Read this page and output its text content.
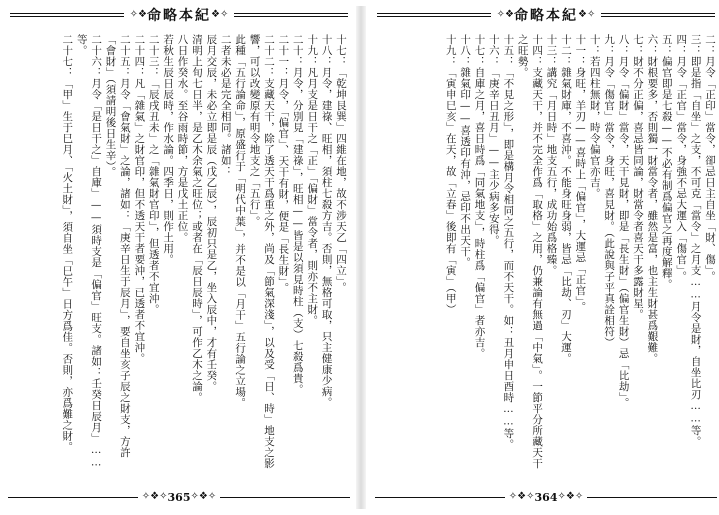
✧❖ 命略本紀 ❖✧

十七：「乾坤艮巽」四維在地，故不涉天乙「四立」。

十八：月令，建祿、旺相，須柱七殺方吉。否則，無格可取，只主健康少病。

十九：凡月支是日干之「正」「偏財」當令者，則亦不主財。

二十：月令，分別見「建祿」，旺相——皆是以須見時柱（支）七殺爲貴。

二十一：月令，「偏官」、天干有財，便是「長生財」。

二十二：支藏天干，除了透天干爲重之外，尚及「節氣深淺」，以及受「日、時」地支之影響，可以改變原有明令地支之「五行」。

此種「五行論命」，原盛行于「明代中葉」，并不是以「月干」五行論之立場。

二者未必是完全相同。諸如：

辰月交辰，未必立即是辰（戊乙辰），辰初只是乙，坐入辰中，才有壬癸。

清明上旬七日半，是乙木余氣之旺位；或者在「辰日辰時」，可作乙木之論。

八日作癸水。至谷雨時節，方是戊土正位。

若秋生辰日辰時，作水論。四季日，則作土用。

二十三：「辰戌丑未」之「雜氣財官印」，但透者不宜沖。

二十四：凡「雜氣」之財官印，但不透天干者要沖，已透者不宜沖。

二十五：月令「會氣財」之論，諸如：「庚辛日生于辰月」，要自坐亥子辰之財支，方許「會財」（須請明後日生辛）。

二十六：月令「是日干之」自庫」——須時支是「偏官」旺支。諸如：壬癸日辰月」……等。

二十七：「甲」生于巳月、「火土財」，須自坐「巳午」日方爲佳。否則，亦爲難之財。

✧❖✧ 365 ✧❖✧
✧❖ 命略本紀 ❖✧

二：月令「正印」當令，卻忌日主自坐「財、傷」。

三：即是指「自坐」之支，不可克「當令」之月支……月令是財，自坐比刃……等。

四：月令「正官」當令，身強不忌大運入「傷官」。

五：偏官即是七殺——不必有制爲偏官之再度解釋。

六：財根要多，否則獨一財當令者，雖然是富，也主生財甚爲艱難。

七：財不分正偏，喜忌皆同論，財當令者喜天干多露財星。

八：月令「偏財」當令，天干見財，即是「長生財」（偏官生財）忌「比劫」。

九：月令「傷官」當令，身旺，喜見財。（此說與子平真詮相符）

十：若四柱無財，時令偏官亦吉。

十一：身旺，羊刃——喜時上「偏官」，大運忌「正官」。

十二：雜氣財庫，不喜沖。不能身旺身弱，皆忌「比劫、刃」大運。

十三：講究「月日時」地支五行，成功始爲格臻。

十四：支藏天干，并不完全作爲「取格」之用，仍兼論有無過「中氣」。一節平分所藏天干之旺勢。

十五：「不見之形」，即是構月令相同之五行，而不天干。如：丑月申日酉時……等。

十六：「庚辛日丑月」——主少病多安得。

十七：自庫之月，喜日時爲「同氣地支」，時柱爲「偏官」者亦吉。

十八：雜氣印——喜透印有沖，忌印不出天干。

十九：「寅申巳亥」在天，故「立春」後即有「寅」（甲）

✧❖✧ 364 ✧❖✧
